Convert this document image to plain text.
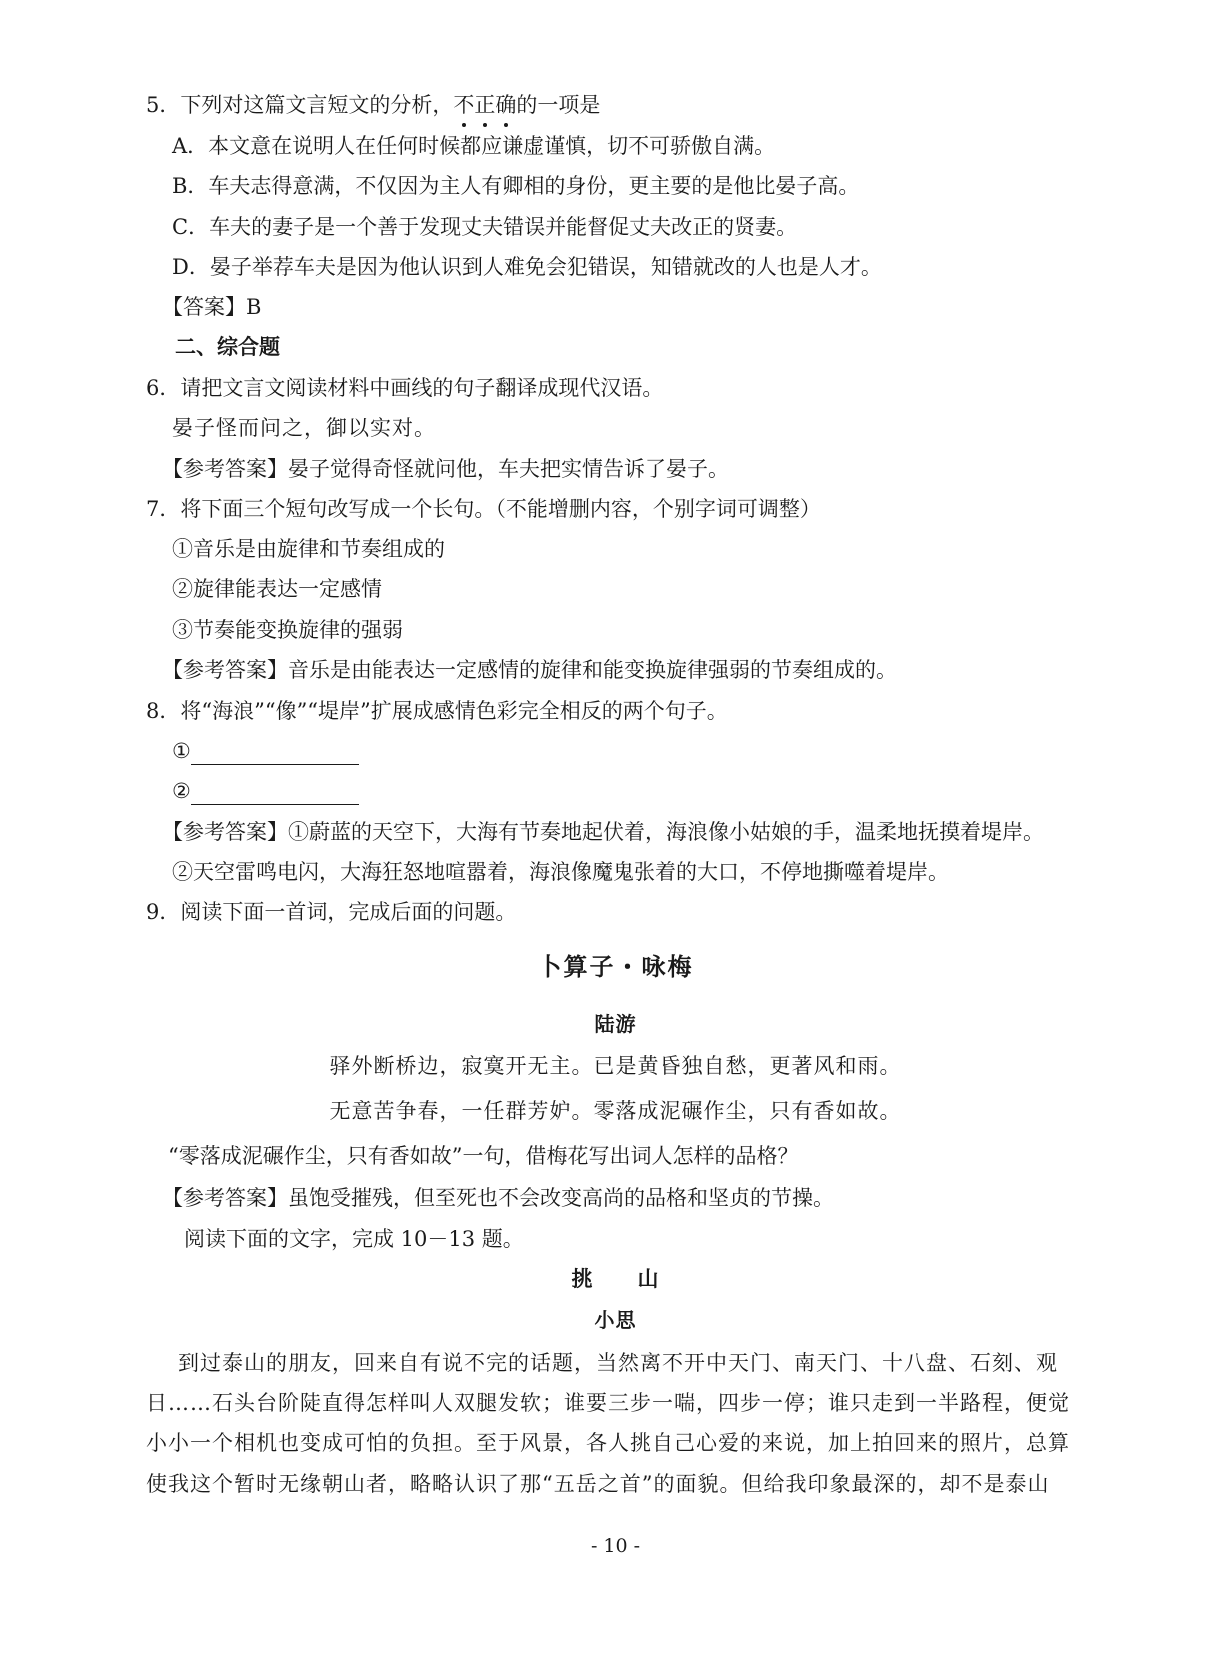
5．下列对这篇文言短文的分析，不正确的一项是
A．本文意在说明人在任何时候都应谦虚谨慎，切不可骄傲自满。
B．车夫志得意满，不仅因为主人有卿相的身份，更主要的是他比晏子高。
C．车夫的妻子是一个善于发现丈夫错误并能督促丈夫改正的贤妻。
D．晏子举荐车夫是因为他认识到人难免会犯错误，知错就改的人也是人才。
【答案】B
二、综合题
6．请把文言文阅读材料中画线的句子翻译成现代汉语。
晏子怪而问之，御以实对。
【参考答案】晏子觉得奇怪就问他，车夫把实情告诉了晏子。
7．将下面三个短句改写成一个长句。（不能增删内容，个别字词可调整）
①音乐是由旋律和节奏组成的
②旋律能表达一定感情
③节奏能变换旋律的强弱
【参考答案】音乐是由能表达一定感情的旋律和能变换旋律强弱的节奏组成的。
8．将“海浪”“像”“堤岸”扩展成感情色彩完全相反的两个句子。
①
②
【参考答案】①蔚蓝的天空下，大海有节奏地起伏着，海浪像小姑娘的手，温柔地抚摸着堤岸。
②天空雷鸣电闪，大海狂怒地喧嚣着，海浪像魔鬼张着的大口，不停地撕噬着堤岸。
9．阅读下面一首词，完成后面的问题。
卜算子・咏梅
陆游
驿外断桥边，寂寞开无主。已是黄昏独自愁，更著风和雨。
无意苦争春，一任群芳妒。零落成泥碾作尘，只有香如故。
“零落成泥碾作尘，只有香如故”一句，借梅花写出词人怎样的品格？
【参考答案】虽饱受摧残，但至死也不会改变高尚的品格和坚贞的节操。
阅读下面的文字，完成 10－13 题。
挑　　山
小思
到过泰山的朋友，回来自有说不完的话题，当然离不开中天门、南天门、十八盘、石刻、观
日……石头台阶陡直得怎样叫人双腿发软；谁要三步一喘，四步一停；谁只走到一半路程，便觉
小小一个相机也变成可怕的负担。至于风景，各人挑自己心爱的来说，加上拍回来的照片，总算
使我这个暂时无缘朝山者，略略认识了那“五岳之首”的面貌。但给我印象最深的，却不是泰山
- 10 -
